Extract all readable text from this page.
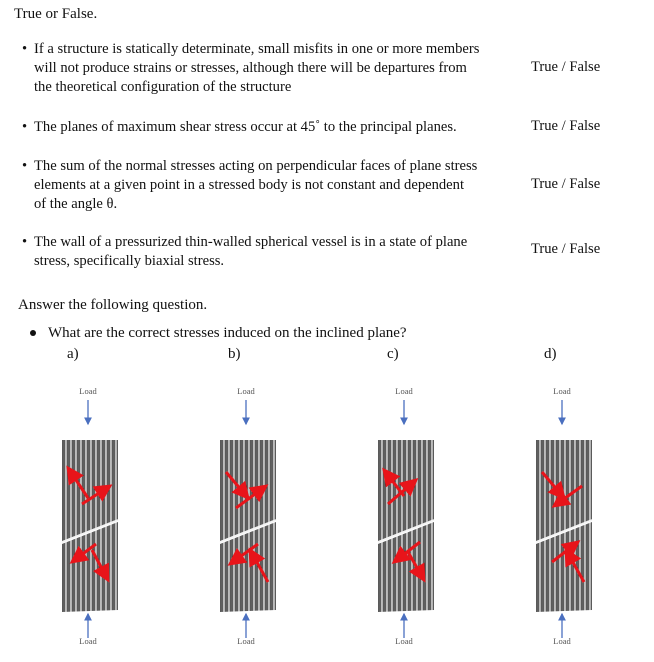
True or False.
• If a structure is statically determinate, small misfits in one or more members
will not produce strains or stresses, although there will be departures from
the theoretical configuration of the structure
True / False
• The planes of maximum shear stress occur at 45˚ to the principal planes.	True / False
• The sum of the normal stresses acting on perpendicular faces of plane stress
elements at a given point in a stressed body is not constant and dependent
of the angle θ.
True / False
• The wall of a pressurized thin-walled spherical vessel is in a state of plane
stress, specifically biaxial stress.
True / False
Answer the following question.
What are the correct stresses induced on the inclined plane?
a)	b)	c)	d)
Load
Load
Load
Load
Load
Load
Load
Load
